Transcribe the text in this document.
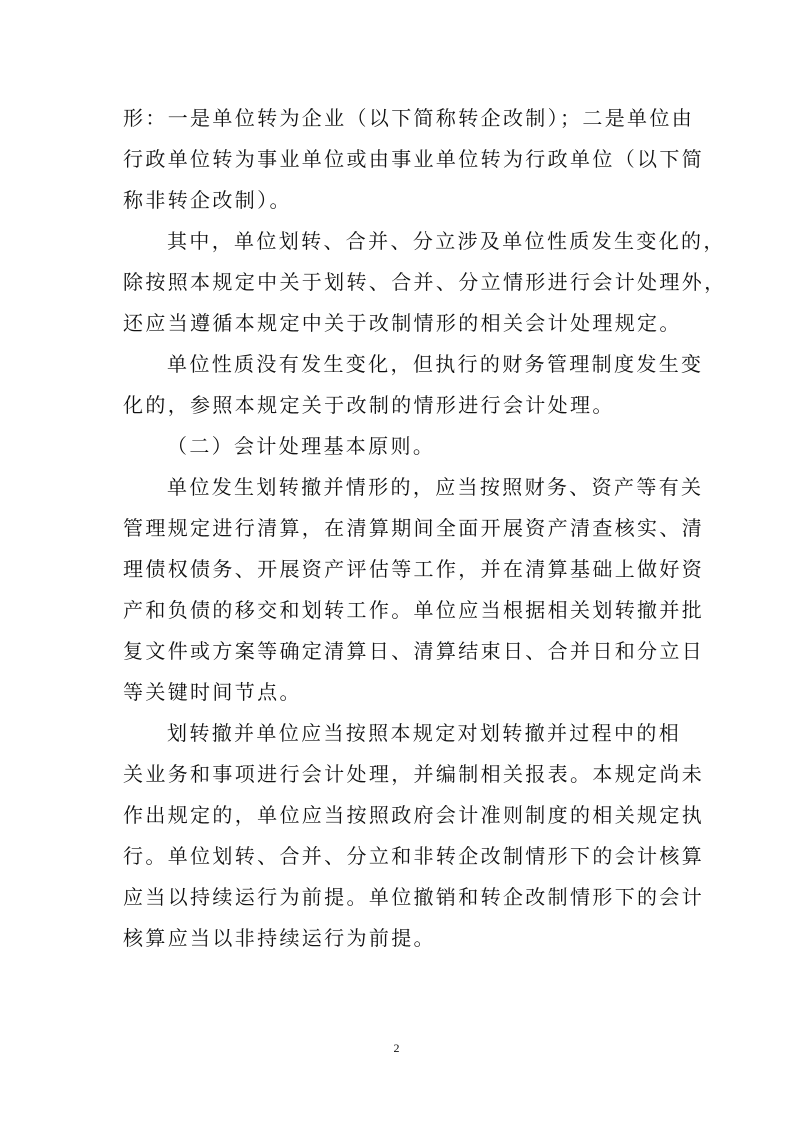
形：一是单位转为企业（以下简称转企改制）；二是单位由
行政单位转为事业单位或由事业单位转为行政单位（以下简
称非转企改制）。
其中，单位划转、合并、分立涉及单位性质发生变化的，
除按照本规定中关于划转、合并、分立情形进行会计处理外，
还应当遵循本规定中关于改制情形的相关会计处理规定。
单位性质没有发生变化，但执行的财务管理制度发生变
化的，参照本规定关于改制的情形进行会计处理。
（二）会计处理基本原则。
单位发生划转撤并情形的，应当按照财务、资产等有关
管理规定进行清算，在清算期间全面开展资产清查核实、清
理债权债务、开展资产评估等工作，并在清算基础上做好资
产和负债的移交和划转工作。单位应当根据相关划转撤并批
复文件或方案等确定清算日、清算结束日、合并日和分立日
等关键时间节点。
划转撤并单位应当按照本规定对划转撤并过程中的相
关业务和事项进行会计处理，并编制相关报表。本规定尚未
作出规定的，单位应当按照政府会计准则制度的相关规定执
行。单位划转、合并、分立和非转企改制情形下的会计核算
应当以持续运行为前提。单位撤销和转企改制情形下的会计
核算应当以非持续运行为前提。
2
